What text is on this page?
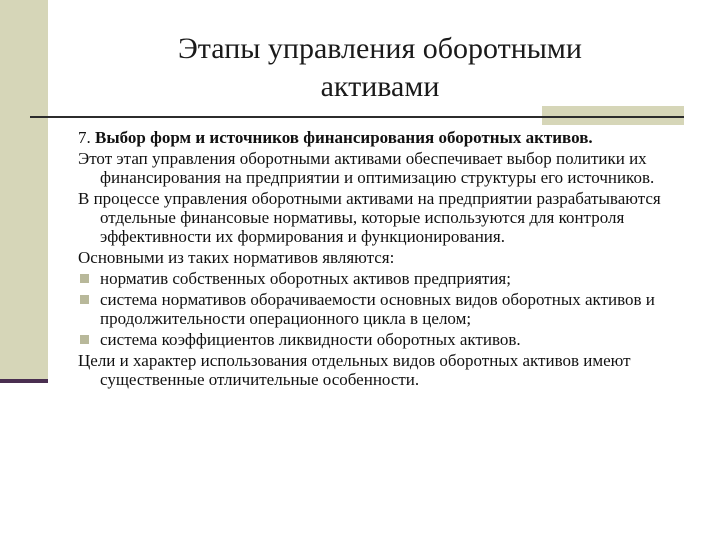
Этапы управления оборотными
активами

7. Выбор форм и источников финансирования оборотных активов.

Этот этап управления оборотными активами обеспечивает выбор политики их финансирования на предприятии и оптимизацию структуры его источников.

В процессе управления оборотными активами на предприятии разрабатываются отдельные финансовые нормативы, которые используются для контроля эффективности их формирования и функционирования.

Основными из таких нормативов являются:

норматив собственных оборотных активов предприятия;
система нормативов оборачиваемости основных видов оборотных активов и продолжительности операционного цикла в целом;
система коэффициентов ликвидности оборотных активов.

Цели и характер использования отдельных видов оборотных активов имеют существенные отличительные особенности.
